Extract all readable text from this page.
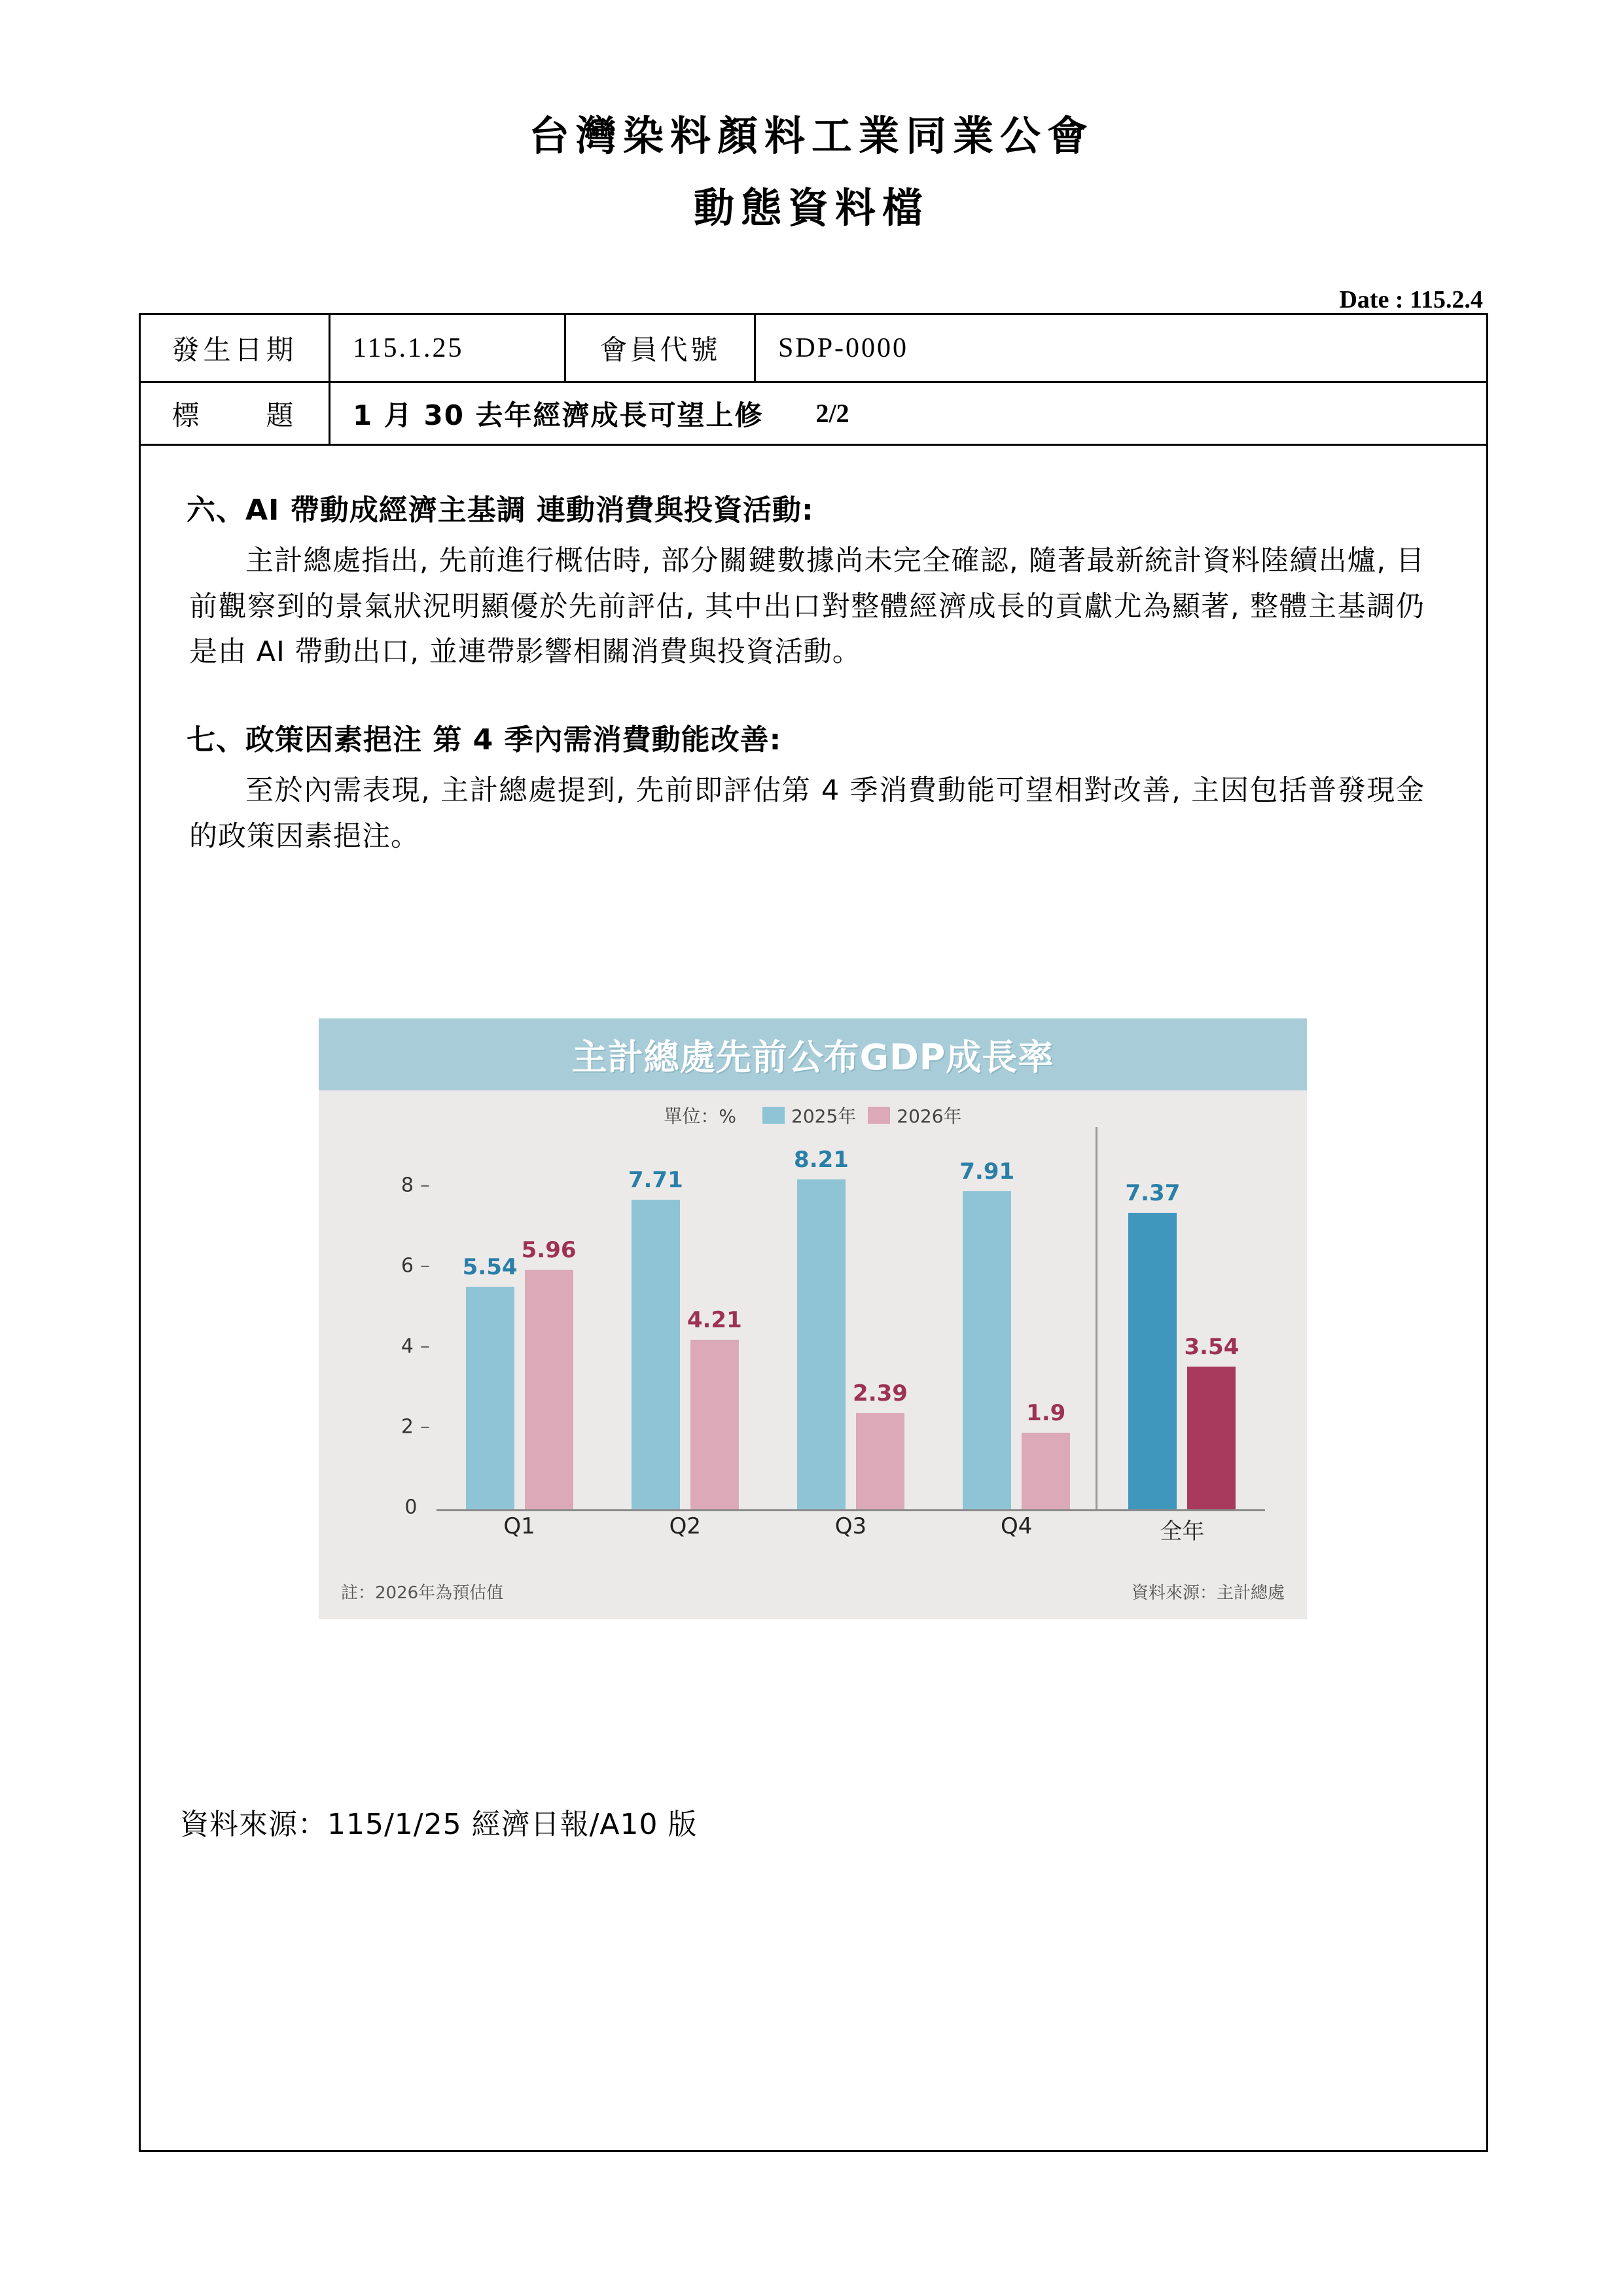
台灣染料顏料工業同業公會
動態資料檔
Date : 115.2.4
發生日期	115.1.25	會員代號	SDP-0000
標　　題	1 月 30 去年經濟成長可望上修 2/2
六、AI 帶動成經濟主基調 連動消費與投資活動:
主計總處指出, 先前進行概估時, 部分關鍵數據尚未完全確認, 隨著最新統計資料陸續出爐, 目前觀察到的景氣狀況明顯優於先前評估, 其中出口對整體經濟成長的貢獻尤為顯著, 整體主基調仍是由 AI 帶動出口, 並連帶影響相關消費與投資活動。
七、政策因素挹注 第 4 季內需消費動能改善:
至於內需表現, 主計總處提到, 先前即評估第 4 季消費動能可望相對改善, 主因包括普發現金的政策因素挹注。
主計總處先前公布GDP成長率
單位：%	2025年 2026年
8 –
6 –
4 –
2 –
0
5.54
5.96
7.71
4.21
8.21
2.39
7.91
1.9
7.37
3.54
Q1	Q2	Q3	Q4	全年
註：2026年為預估值	資料來源：主計總處
資料來源：115/1/25 經濟日報/A10 版
